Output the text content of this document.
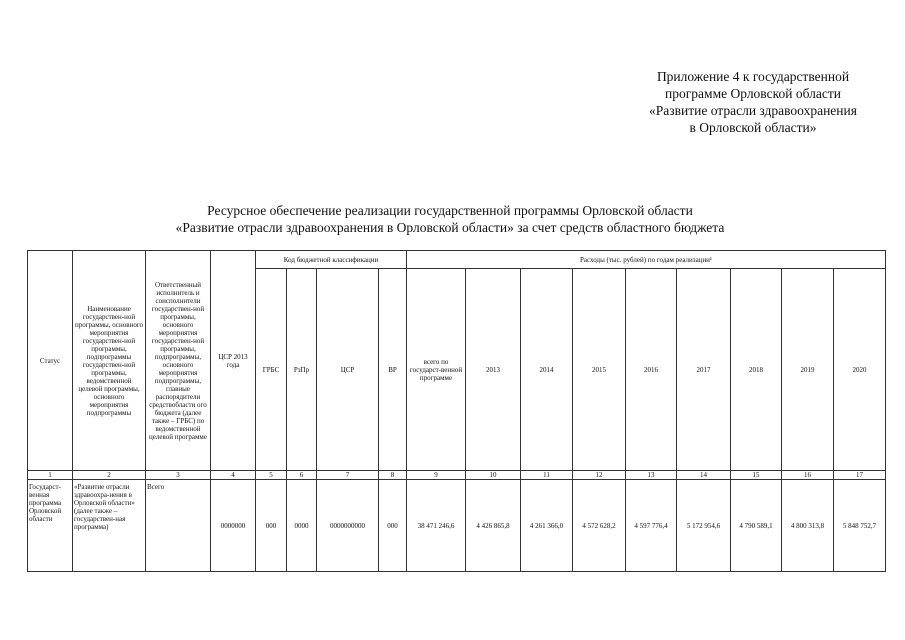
Приложение 4 к государственной
программе Орловской области
«Развитие отрасли здравоохранения
в Орловской области»
Ресурсное обеспечение реализации государственной программы Орловской области
«Развитие отрасли здравоохранения в Орловской области» за счет средств областного бюджета
Статус	Наименование государствен-ной программы, основного мероприятия государствен-ной программы, подпрограммы государствен-ной программы, ведомственной целевой программы, основного мероприятия подпрограммы	Ответственный исполнитель и соисполнители государствен-ной программы, основного мероприятия государствен-ной программы, подпрограммы, основного мероприятия подпрограммы, главные распорядители средствобласти ого бюджета (далее также – ГРБС) по ведомственной целевой программе	ЦСР 2013 года	Код бюджетной классификации				Расходы (тыс. рублей) по годам реализации¹								
				ГРБС	РзПр	ЦСР	ВР	всего по государст-венной программе	2013	2014	2015	2016	2017	2018	2019	2020
1	2	3	4	5	6	7	8	9	10	11	12	13	14	15	16	17
Государст-венная программа Орловской области	«Развитие отрасли здравоохра-нения в Орловской области» (далее также – государствен-ная программа)	Всего	0000000	000	0000	0000000000	000	38 471 246,6	4 426 865,8	4 261 366,0	4 572 628,2	4 597 776,4	5 172 954,6	4 790 589,1	4 800 313,8	5 848 752,7
